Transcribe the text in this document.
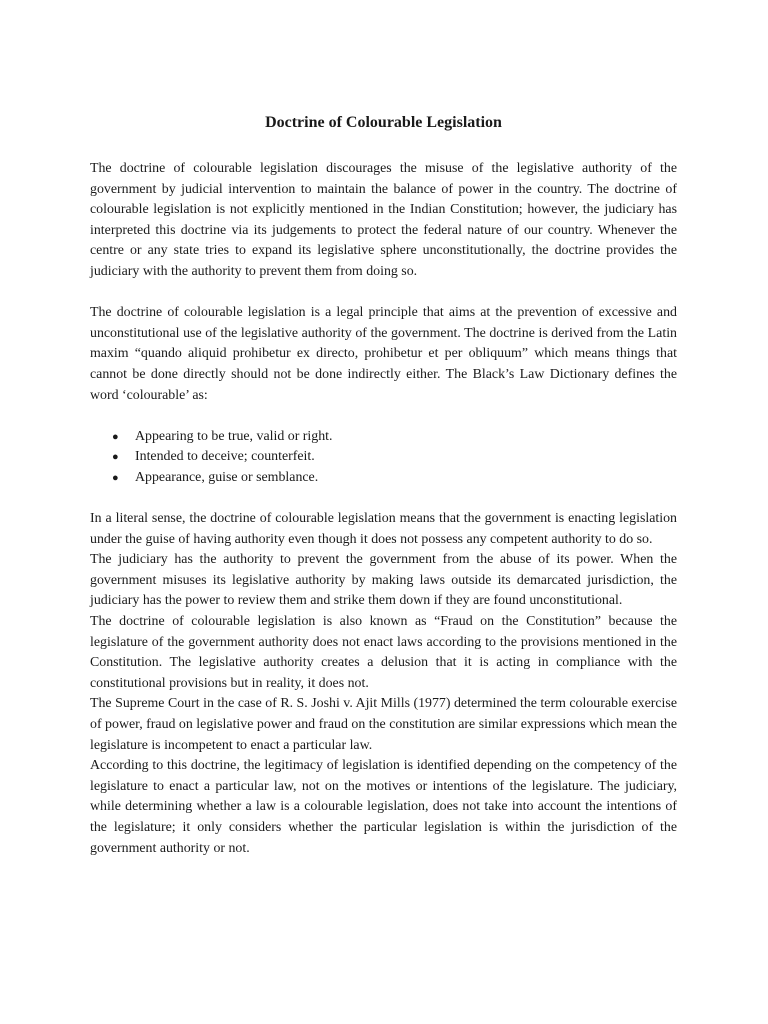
Doctrine of Colourable Legislation

The doctrine of colourable legislation discourages the misuse of the legislative authority of the government by judicial intervention to maintain the balance of power in the country. The doctrine of colourable legislation is not explicitly mentioned in the Indian Constitution; however, the judiciary has interpreted this doctrine via its judgements to protect the federal nature of our country. Whenever the centre or any state tries to expand its legislative sphere unconstitutionally, the doctrine provides the judiciary with the authority to prevent them from doing so.

The doctrine of colourable legislation is a legal principle that aims at the prevention of excessive and unconstitutional use of the legislative authority of the government. The doctrine is derived from the Latin maxim “quando aliquid prohibetur ex directo, prohibetur et per obliquum” which means things that cannot be done directly should not be done indirectly either. The Black’s Law Dictionary defines the word ‘colourable’ as:

● Appearing to be true, valid or right.
● Intended to deceive; counterfeit.
● Appearance, guise or semblance.

In a literal sense, the doctrine of colourable legislation means that the government is enacting legislation under the guise of having authority even though it does not possess any competent authority to do so.

The judiciary has the authority to prevent the government from the abuse of its power. When the government misuses its legislative authority by making laws outside its demarcated jurisdiction, the judiciary has the power to review them and strike them down if they are found unconstitutional.

The doctrine of colourable legislation is also known as “Fraud on the Constitution” because the legislature of the government authority does not enact laws according to the provisions mentioned in the Constitution. The legislative authority creates a delusion that it is acting in compliance with the constitutional provisions but in reality, it does not.

The Supreme Court in the case of R. S. Joshi v. Ajit Mills (1977) determined the term colourable exercise of power, fraud on legislative power and fraud on the constitution are similar expressions which mean the legislature is incompetent to enact a particular law.

According to this doctrine, the legitimacy of legislation is identified depending on the competency of the legislature to enact a particular law, not on the motives or intentions of the legislature. The judiciary, while determining whether a law is a colourable legislation, does not take into account the intentions of the legislature; it only considers whether the particular legislation is within the jurisdiction of the government authority or not.
